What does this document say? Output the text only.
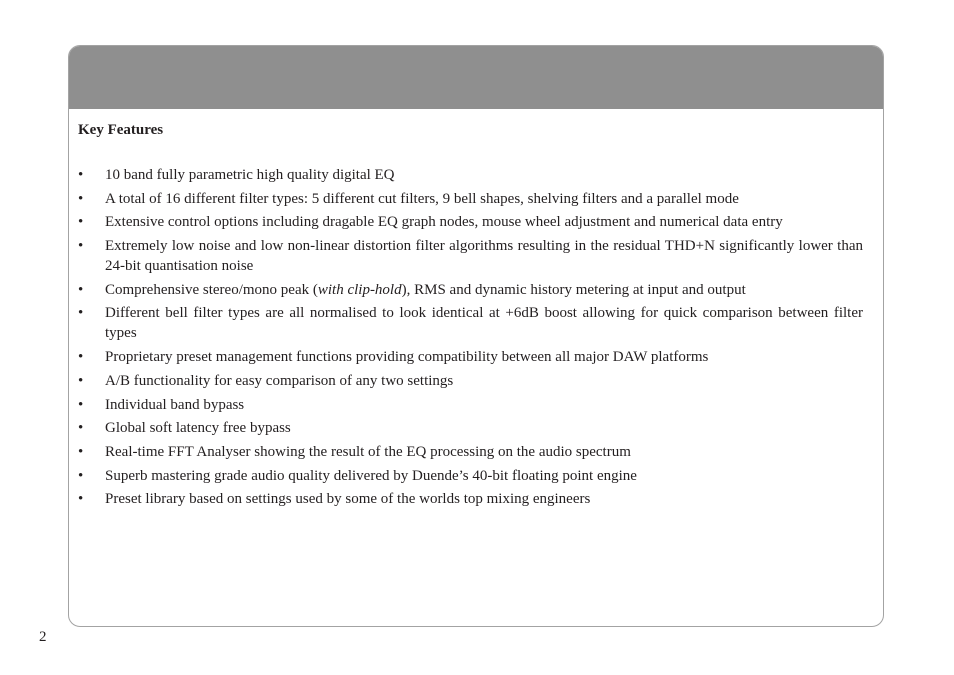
Key Features
•	10 band fully parametric high quality digital EQ
•	A total of 16 different filter types: 5 different cut filters, 9 bell shapes, shelving filters and a parallel mode
•	Extensive control options including dragable EQ graph nodes, mouse wheel adjustment and numerical data entry
•	Extremely low noise and low non-linear distortion filter algorithms resulting in the residual THD+N significantly lower than 24-bit quantisation noise
•	Comprehensive stereo/mono peak (with clip-hold), RMS and dynamic history metering at input and output
•	Different bell filter types are all normalised to look identical at +6dB boost allowing for quick comparison between filter types
•	Proprietary preset management functions providing compatibility between all major DAW platforms
•	A/B functionality for easy comparison of any two settings
•	Individual band bypass
•	Global soft latency free bypass
•	Real-time FFT Analyser showing the result of the EQ processing on the audio spectrum
•	Superb mastering grade audio quality delivered by Duende’s 40-bit floating point engine
•	Preset library based on settings used by some of the worlds top mixing engineers
2
